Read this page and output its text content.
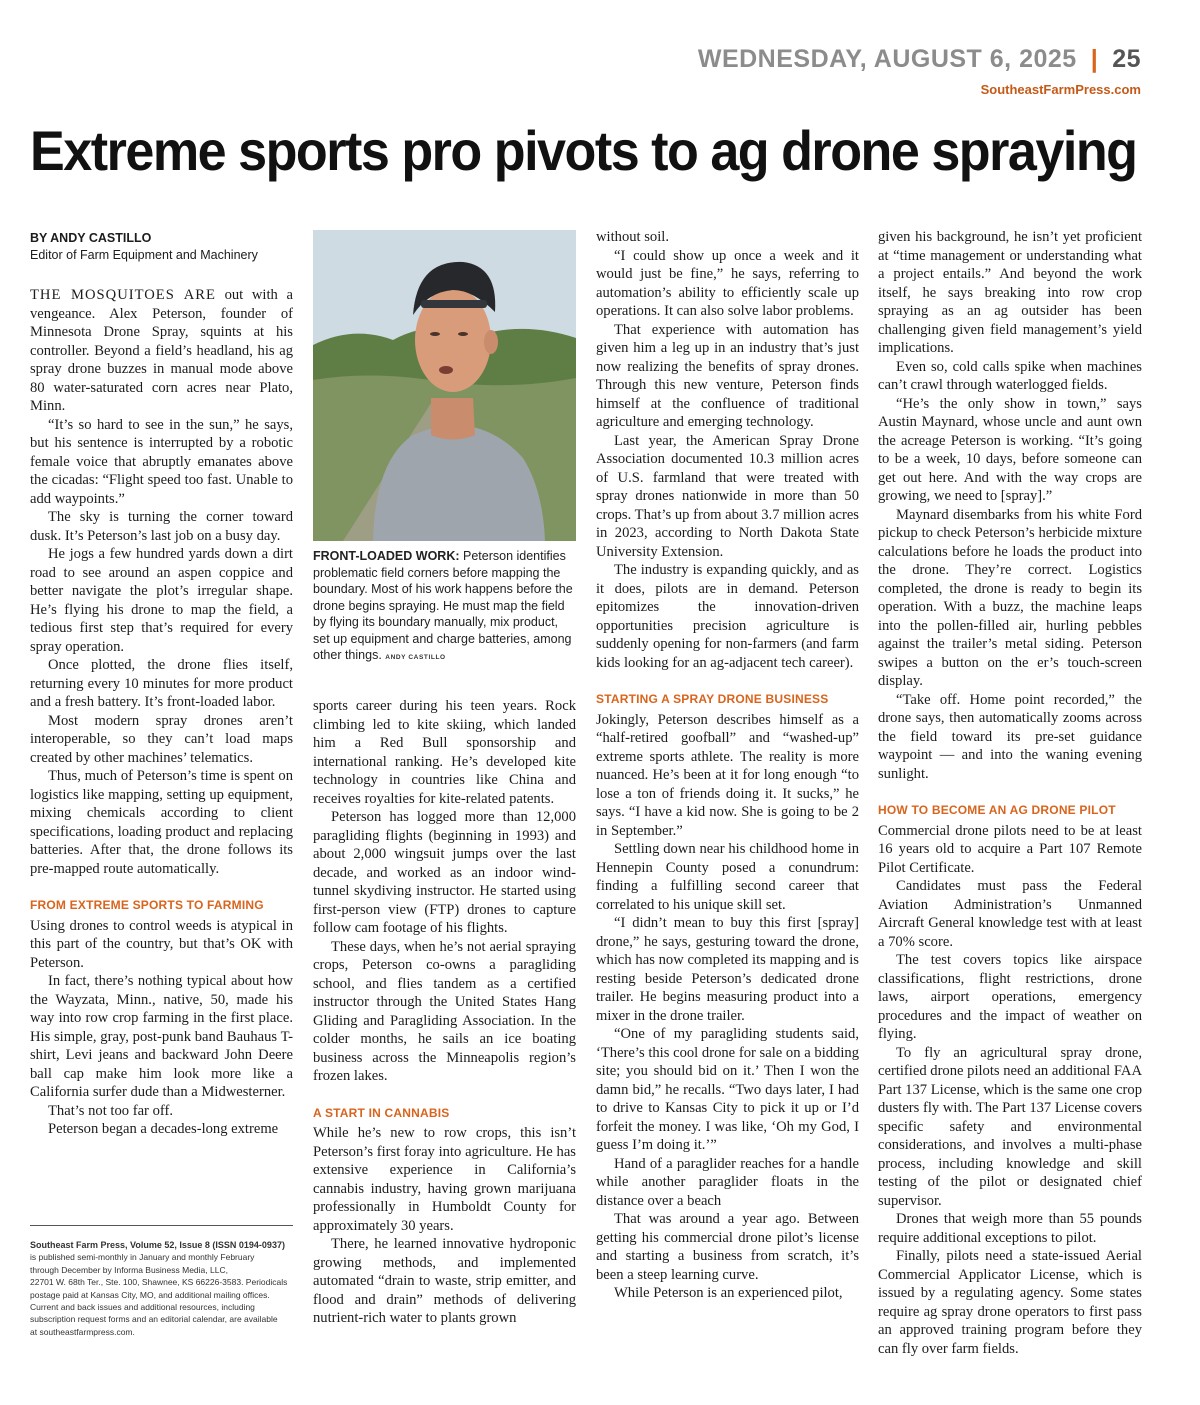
WEDNESDAY, AUGUST 6, 2025 | 25
SoutheastFarmPress.com
Extreme sports pro pivots to ag drone spraying
BY ANDY CASTILLO
Editor of Farm Equipment and Machinery

THE MOSQUITOES ARE out with a vengeance. Alex Peterson, founder of Minnesota Drone Spray, squints at his controller. Beyond a field’s headland, his ag spray drone buzzes in manual mode above 80 water-saturated corn acres near Plato, Minn.

“It’s so hard to see in the sun,” he says, but his sentence is interrupted by a robotic female voice that abruptly emanates above the cicadas: “Flight speed too fast. Unable to add waypoints.”

The sky is turning the corner toward dusk. It’s Peterson’s last job on a busy day.

He jogs a few hundred yards down a dirt road to see around an aspen coppice and better navigate the plot’s irregular shape. He’s flying his drone to map the field, a tedious first step that’s required for every spray operation.

Once plotted, the drone flies itself, returning every 10 minutes for more product and a fresh battery. It’s front-loaded labor.

Most modern spray drones aren’t interoperable, so they can’t load maps created by other machines’ telematics.

Thus, much of Peterson’s time is spent on logistics like mapping, setting up equipment, mixing chemicals according to client specifications, loading product and replacing batteries. After that, the drone follows its pre-mapped route automatically.

FROM EXTREME SPORTS TO FARMING

Using drones to control weeds is atypical in this part of the country, but that’s OK with Peterson.

In fact, there’s nothing typical about how the Wayzata, Minn., native, 50, made his way into row crop farming in the first place. His simple, gray, post-punk band Bauhaus T-shirt, Levi jeans and backward John Deere ball cap make him look more like a California surfer dude than a Midwesterner.

That’s not too far off.

Peterson began a decades-long extreme

Southeast Farm Press, Volume 52, Issue 8 (ISSN 0194-0937)
is published semi-monthly in January and monthly February
through December by Informa Business Media, LLC,
22701 W. 68th Ter., Ste. 100, Shawnee, KS 66226-3583. Periodicals
postage paid at Kansas City, MO, and additional mailing offices.
Current and back issues and additional resources, including
subscription request forms and an editorial calendar, are available
at southeastfarmpress.com.
FRONT-LOADED WORK: Peterson identifies problematic field corners before mapping the boundary. Most of his work happens before the drone begins spraying. He must map the field by flying its boundary manually, mix product, set up equipment and charge batteries, among other things. ANDY CASTILLO

sports career during his teen years. Rock climbing led to kite skiing, which landed him a Red Bull sponsorship and international ranking. He’s developed kite technology in countries like China and receives royalties for kite-related patents.

Peterson has logged more than 12,000 paragliding flights (beginning in 1993) and about 2,000 wingsuit jumps over the last decade, and worked as an indoor wind-tunnel skydiving instructor. He started using first-person view (FTP) drones to capture follow cam footage of his flights.

These days, when he’s not aerial spraying crops, Peterson co-owns a paragliding school, and flies tandem as a certified instructor through the United States Hang Gliding and Paragliding Association. In the colder months, he sails an ice boating business across the Minneapolis region’s frozen lakes.

A START IN CANNABIS

While he’s new to row crops, this isn’t Peterson’s first foray into agriculture. He has extensive experience in California’s cannabis industry, having grown marijuana professionally in Humboldt County for approximately 30 years.

There, he learned innovative hydroponic growing methods, and implemented automated “drain to waste, strip emitter, and flood and drain” methods of delivering nutrient-rich water to plants grown

without soil.

“I could show up once a week and it would just be fine,” he says, referring to automation’s ability to efficiently scale up operations. It can also solve labor problems.

That experience with automation has given him a leg up in an industry that’s just now realizing the benefits of spray drones. Through this new venture, Peterson finds himself at the confluence of traditional agriculture and emerging technology.

Last year, the American Spray Drone Association documented 10.3 million acres of U.S. farmland that were treated with spray drones nationwide in more than 50 crops. That’s up from about 3.7 million acres in 2023, according to North Dakota State University Extension.

The industry is expanding quickly, and as it does, pilots are in demand. Peterson epitomizes the innovation-driven opportunities precision agriculture is suddenly opening for non-farmers (and farm kids looking for an ag-adjacent tech career).

STARTING A SPRAY DRONE BUSINESS

Jokingly, Peterson describes himself as a “half-retired goofball” and “washed-up” extreme sports athlete. The reality is more nuanced. He’s been at it for long enough “to lose a ton of friends doing it. It sucks,” he says. “I have a kid now. She is going to be 2 in September.”

Settling down near his childhood home in Hennepin County posed a conundrum: finding a fulfilling second career that correlated to his unique skill set.

“I didn’t mean to buy this first [spray] drone,” he says, gesturing toward the drone, which has now completed its mapping and is resting beside Peterson’s dedicated drone trailer. He begins measuring product into a mixer in the drone trailer.

“One of my paragliding students said, ‘There’s this cool drone for sale on a bidding site; you should bid on it.’ Then I won the damn bid,” he recalls. “Two days later, I had to drive to Kansas City to pick it up or I’d forfeit the money. I was like, ‘Oh my God, I guess I’m doing it.’”

Hand of a paraglider reaches for a handle while another paraglider floats in the distance over a beach

That was around a year ago. Between getting his commercial drone pilot’s license and starting a business from scratch, it’s been a steep learning curve.

While Peterson is an experienced pilot,

given his background, he isn’t yet proficient at “time management or understanding what a project entails.” And beyond the work itself, he says breaking into row crop spraying as an ag outsider has been challenging given field management’s yield implications.

Even so, cold calls spike when machines can’t crawl through waterlogged fields.

“He’s the only show in town,” says Austin Maynard, whose uncle and aunt own the acreage Peterson is working. “It’s going to be a week, 10 days, before someone can get out here. And with the way crops are growing, we need to [spray].”

Maynard disembarks from his white Ford pickup to check Peterson’s herbicide mixture calculations before he loads the product into the drone. They’re correct. Logistics completed, the drone is ready to begin its operation. With a buzz, the machine leaps into the pollen-filled air, hurling pebbles against the trailer’s metal siding. Peterson swipes a button on the er’s touch-screen display.

“Take off. Home point recorded,” the drone says, then automatically zooms across the field toward its pre-set guidance waypoint — and into the waning evening sunlight.

HOW TO BECOME AN AG DRONE PILOT

Commercial drone pilots need to be at least 16 years old to acquire a Part 107 Remote Pilot Certificate.

Candidates must pass the Federal Aviation Administration’s Unmanned Aircraft General knowledge test with at least a 70% score.

The test covers topics like airspace classifications, flight restrictions, drone laws, airport operations, emergency procedures and the impact of weather on flying.

To fly an agricultural spray drone, certified drone pilots need an additional FAA Part 137 License, which is the same one crop dusters fly with. The Part 137 License covers specific safety and environmental considerations, and involves a multi-phase process, including knowledge and skill testing of the pilot or designated chief supervisor.

Drones that weigh more than 55 pounds require additional exceptions to pilot.

Finally, pilots need a state-issued Aerial Commercial Applicator License, which is issued by a regulating agency. Some states require ag spray drone operators to first pass an approved training program before they can fly over farm fields.
